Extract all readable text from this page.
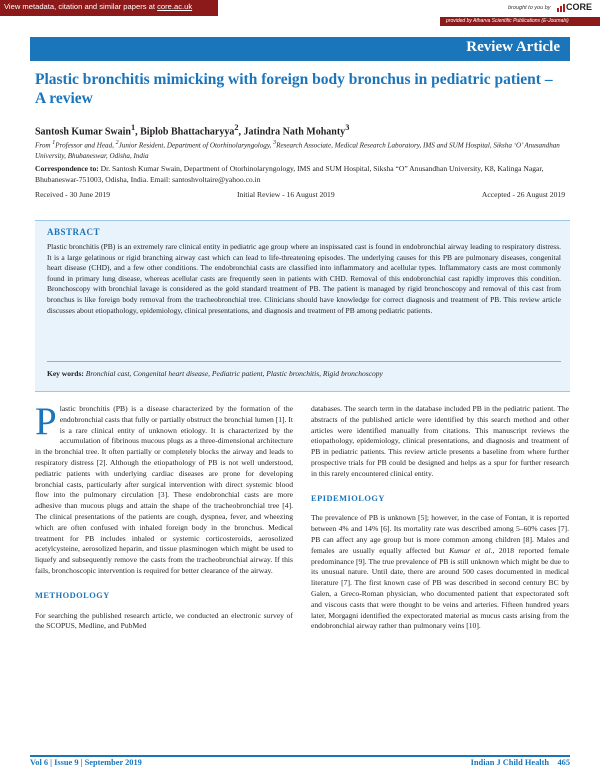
View metadata, citation and similar papers at core.ac.uk	brought to you by CORE
provided by Atharva Scientific Publications (E-Journals)
Review Article
Plastic bronchitis mimicking with foreign body bronchus in pediatric patient – A review
Santosh Kumar Swain$^1$, Biplob Bhattacharyya$^2$, Jatindra Nath Mohanty$^3$
From $^1$Professor and Head, $^2$Junior Resident, Department of Otorhinolaryngology, $^3$Research Associate, Medical Research Laboratory, IMS and SUM Hospital, Siksha ‘O’ Anusandhan University, Bhubaneswar, Odisha, India
Correspondence to: Dr. Santosh Kumar Swain, Department of Otorhinolaryngology, IMS and SUM Hospital, Siksha “O” Anusandhan University, K8, Kalinga Nagar, Bhubaneswar-751003, Odisha, India. Email: santoshvoltaire@yahoo.co.in
Received - 30 June 2019	Initial Review - 16 August 2019	Accepted - 26 August 2019
ABSTRACT
Plastic bronchitis (PB) is an extremely rare clinical entity in pediatric age group where an inspissated cast is found in endobronchial airway leading to respiratory distress. It is a large gelatinous or rigid branching airway cast which can lead to life-threatening episodes. The underlying causes for this PB are pulmonary diseases, congenital heart disease (CHD), and a few other conditions. The endobronchial casts are classified into inflammatory and acellular types. Inflammatory casts are most commonly found in primary lung disease, whereas acellular casts are frequently seen in patients with CHD. Removal of this endobronchial cast rapidly improves this condition. Bronchoscopy with bronchial lavage is considered as the gold standard treatment of PB. The patient is managed by rigid bronchoscopy and removal of this cast from bronchus is like foreign body removal from the tracheobronchial tree. Clinicians should have knowledge for correct diagnosis and treatment of PB. This review article discusses about etiopathology, epidemiology, clinical presentations, and diagnosis and treatment of PB among pediatric patients.
Key words: Bronchial cast, Congenital heart disease, Pediatric patient, Plastic bronchitis, Rigid bronchoscopy

Plastic bronchitis (PB) is a disease characterized by the formation of the endobronchial casts that fully or partially obstruct the bronchial lumen [1]. It is a rare clinical entity of unknown etiology. It is characterized by the accumulation of fibrinous mucous plugs as a three-dimensional architecture in the bronchial tree. It often partially or completely blocks the airway and leads to respiratory distress [2]. Although the etiopathology of PB is not well understood, pediatric patients with underlying cardiac diseases are prone for developing bronchial casts, particularly after surgical intervention with direct systemic blood flow into the pulmonary circulation [3]. These endobronchial casts are more adhesive than mucous plugs and attain the shape of the tracheobronchial tree [4]. The clinical presentations of the patients are cough, dyspnea, fever, and wheezing which are often confused with inhaled foreign body in the bronchus. Medical treatment for PB includes inhaled or systemic corticosteroids, aerosolized acetylcysteine, aerosolized heparin, and tissue plasminogen which might be used to liquefy and subsequently remove the casts from the tracheobronchial airway. If this fails, bronchoscopic intervention is required for better clearance of the airway.

METHODOLOGY

For searching the published research article, we conducted an electronic survey of the SCOPUS, Medline, and PubMed

databases. The search term in the database included PB in the pediatric patient. The abstracts of the published article were identified by this search method and other articles were identified manually from citations. This manuscript reviews the etiopathology, epidemiology, clinical presentations, and diagnosis and treatment of PB in pediatric patients. This review article presents a baseline from where further prospective trials for PB could be designed and helps as a spur for further research in this rarely encountered clinical entity.

EPIDEMIOLOGY

The prevalence of PB is unknown [5]; however, in the case of Fontan, it is reported between 4% and 14% [6]. Its mortality rate was described among 5–60% cases [7]. PB can affect any age group but is more common among children [8]. Males and females are usually equally affected but Kumar et al., 2018 reported female predominance [9]. The true prevalence of PB is still unknown which might be due to its unusual nature. Until date, there are around 500 cases documented in medical literature [7]. The first known case of PB was described in second century BC by Galen, a Greco-Roman physician, who documented patient that expectorated soft and viscous casts that were thought to be veins and arteries. Fifteen hundred years later, Morgagni identified the expectorated material as mucus casts arising from the endobronchial airway rather than pulmonary veins [10].

Vol 6 | Issue 9 | September 2019	Indian J Child Health 465
